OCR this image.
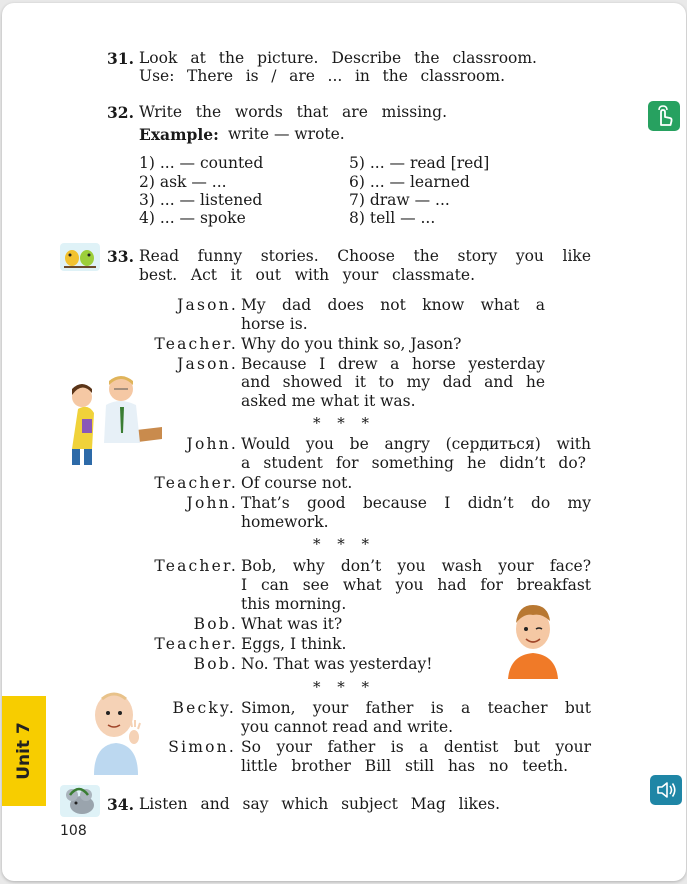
31. Look at the picture. Describe the classroom.
Use: There is / are ... in the classroom.
32. Write the words that are missing.
Example: write — wrote.
1) ... — counted
2) ask — ...
3) ... — listened
4) ... — spoke
5) ... — read [red]
6) ... — learned
7) draw — ...
8) tell — ...
33. Read funny stories. Choose the story you like
best. Act it out with your classmate.
Jason. My dad does not know what a
horse is.
Teacher. Why do you think so, Jason?
Jason. Because I drew a horse yesterday
and showed it to my dad and he
asked me what it was.
* * *
John. Would you be angry (сердиться) with
a student for something he didn’t do?
Teacher. Of course not.
John. That’s good because I didn’t do my
homework.
* * *
Teacher. Bob, why don’t you wash your face?
I can see what you had for breakfast
this morning.
Bob. What was it?
Teacher. Eggs, I think.
Bob. No. That was yesterday!
* * *
Becky. Simon, your father is a teacher but
you cannot read and write.
Simon. So your father is a dentist but your
little brother Bill still has no teeth.
34. Listen and say which subject Mag likes.
Unit 7
108
